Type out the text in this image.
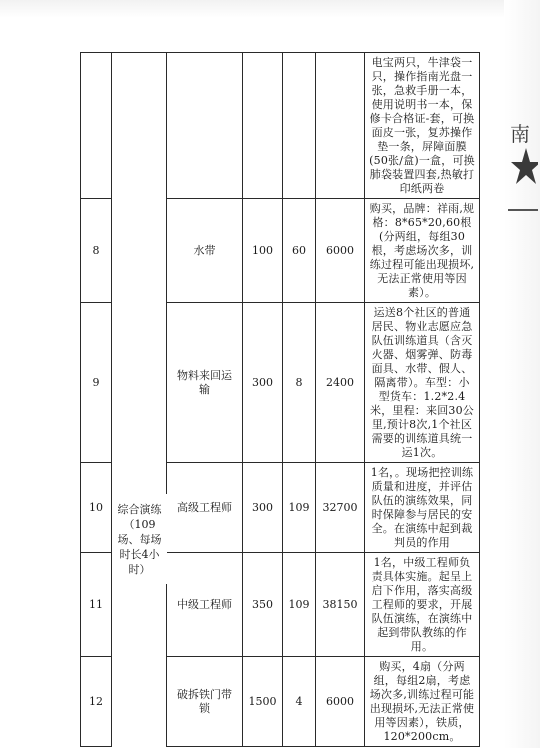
南
						电宝两只，牛津袋一只，操作指南光盘一张，急救手册一本，使用说明书一本，保修卡合格证-套，可换面皮一张，复苏操作垫一条，屏障面膜(50张/盒)一盒，可换肺袋装置四套,热敏打印纸两卷
8		水带	100	60	6000	购买，品牌：祥雨,规格：8*65*20,60根(分两组，每组30根，考虑场次多，训练过程可能出现损坏,无法正常使用等因素）。
9		物料来回运输	300	8	2400	运送8个社区的普通居民、物业志愿应急队伍训练道具（含灭火器、烟雾弹、防毒面具、水带、假人、隔离带）。车型：小型货车：1.2*2.4米，里程：来回30公里,预计8次,1个社区需要的训练道具统一运1次。
10		高级工程师	300	109	32700	1名，。现场把控训练质量和进度，并评估队伍的演练效果，同时保障参与居民的安全。在演练中起到裁判员的作用
11		中级工程师	350	109	38150	1名，中级工程师负责具体实施。起呈上启下作用，落实高级工程师的要求，开展队伍演练，在演练中起到带队教练的作用。
12		破拆铁门带锁	1500	4	6000	购买，4扇（分两组，每组2扇，考虑场次多,训练过程可能出现损坏,无法正常使用等因素），铁质，120*200cm。
综合演练（109场、每场时长4小时）
